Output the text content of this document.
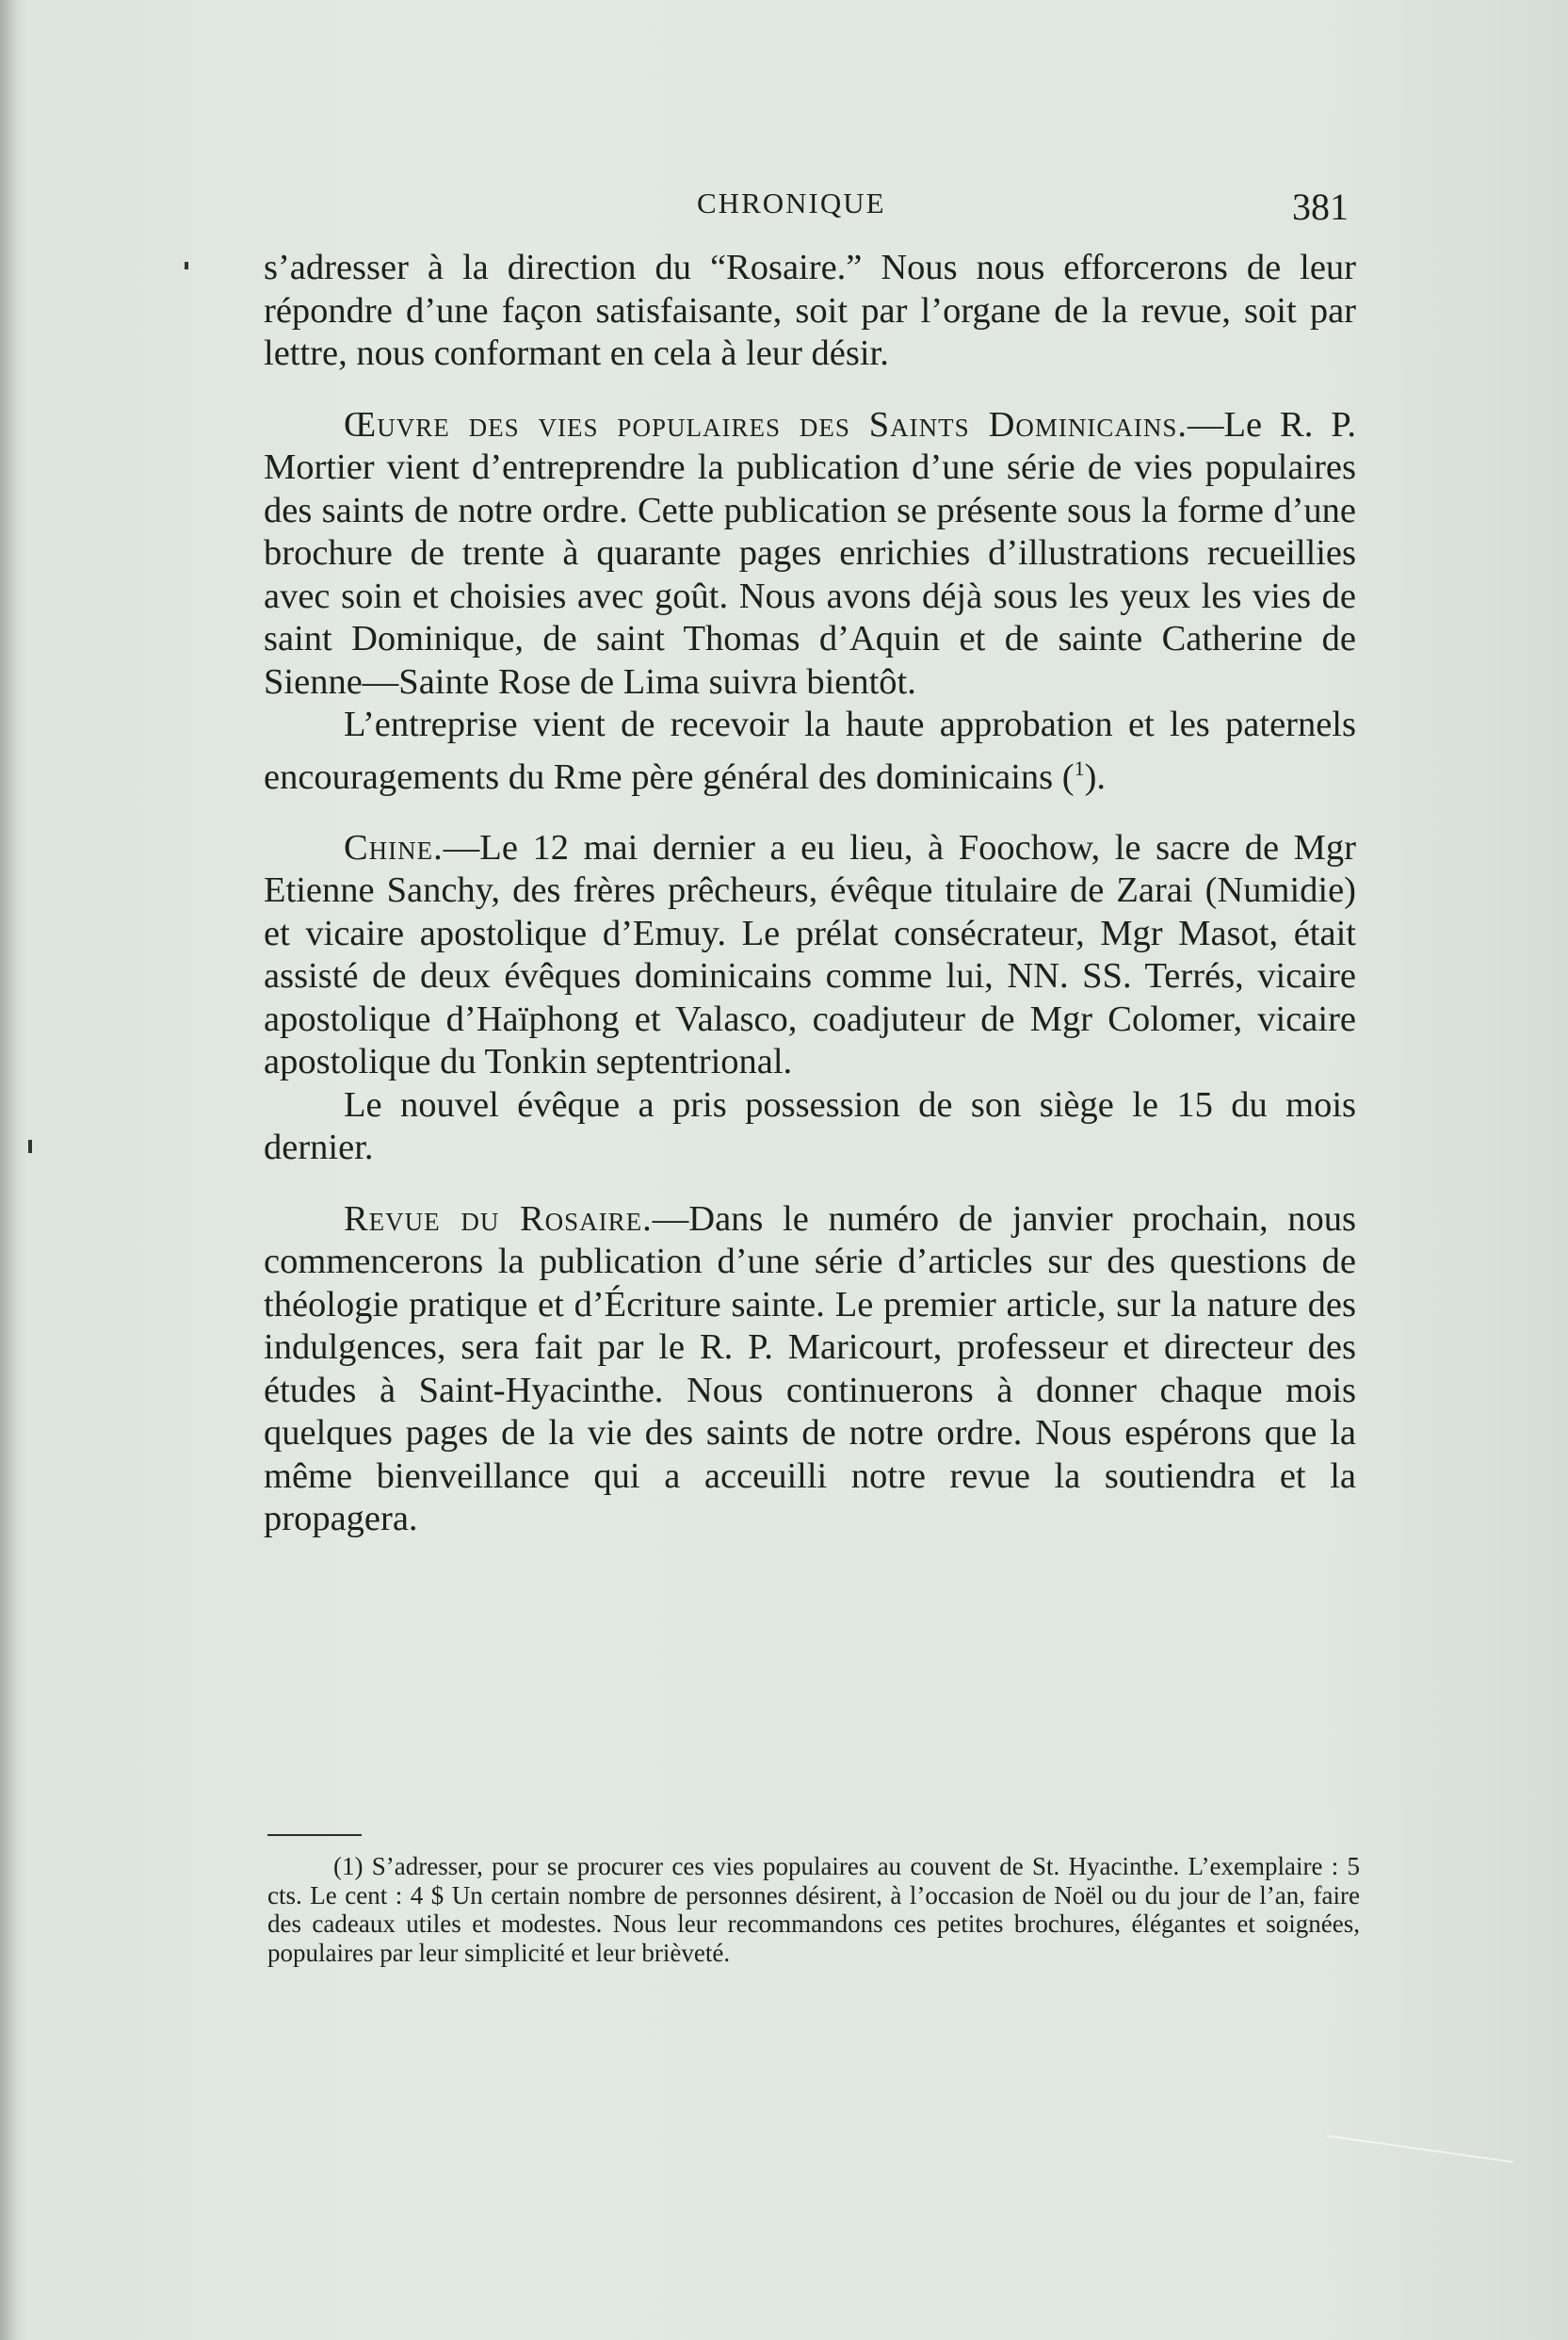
CHRONIQUE	381

s’adresser à la direction du “Rosaire.” Nous nous efforcerons de leur répondre d’une façon satisfaisante, soit par l’organe de la revue, soit par lettre, nous conformant en cela à leur désir.

Œuvre des vies populaires des Saints Dominicains.—Le R. P. Mortier vient d’entreprendre la publication d’une série de vies populaires des saints de notre ordre. Cette publication se présente sous la forme d’une brochure de trente à quarante pages enrichies d’illustrations recueillies avec soin et choisies avec goût. Nous avons déjà sous les yeux les vies de saint Dominique, de saint Thomas d’Aquin et de sainte Catherine de Sienne—Sainte Rose de Lima suivra bientôt.

L’entreprise vient de recevoir la haute approbation et les paternels encouragements du Rme père général des dominicains ($^1$).

Chine.—Le 12 mai dernier a eu lieu, à Foochow, le sacre de Mgr Etienne Sanchy, des frères prêcheurs, évêque titulaire de Zarai (Numidie) et vicaire apostolique d’Emuy. Le prélat consécrateur, Mgr Masot, était assisté de deux évêques dominicains comme lui, NN. SS. Terrés, vicaire apostolique d’Haïphong et Valasco, coadjuteur de Mgr Colomer, vicaire apostolique du Tonkin septentrional.

Le nouvel évêque a pris possession de son siège le 15 du mois dernier.

Revue du Rosaire.—Dans le numéro de janvier prochain, nous commencerons la publication d’une série d’articles sur des questions de théologie pratique et d’Écriture sainte. Le premier article, sur la nature des indulgences, sera fait par le R. P. Maricourt, professeur et directeur des études à Saint-Hyacinthe. Nous continuerons à donner chaque mois quelques pages de la vie des saints de notre ordre. Nous espérons que la même bienveillance qui a acceuilli notre revue la soutiendra et la propagera.

(1) S’adresser, pour se procurer ces vies populaires au couvent de St. Hyacinthe. L’exemplaire : 5 cts. Le cent : 4 $ Un certain nombre de personnes désirent, à l’occasion de Noël ou du jour de l’an, faire des cadeaux utiles et modestes. Nous leur recommandons ces petites brochures, élégantes et soignées, populaires par leur simplicité et leur brièveté.
